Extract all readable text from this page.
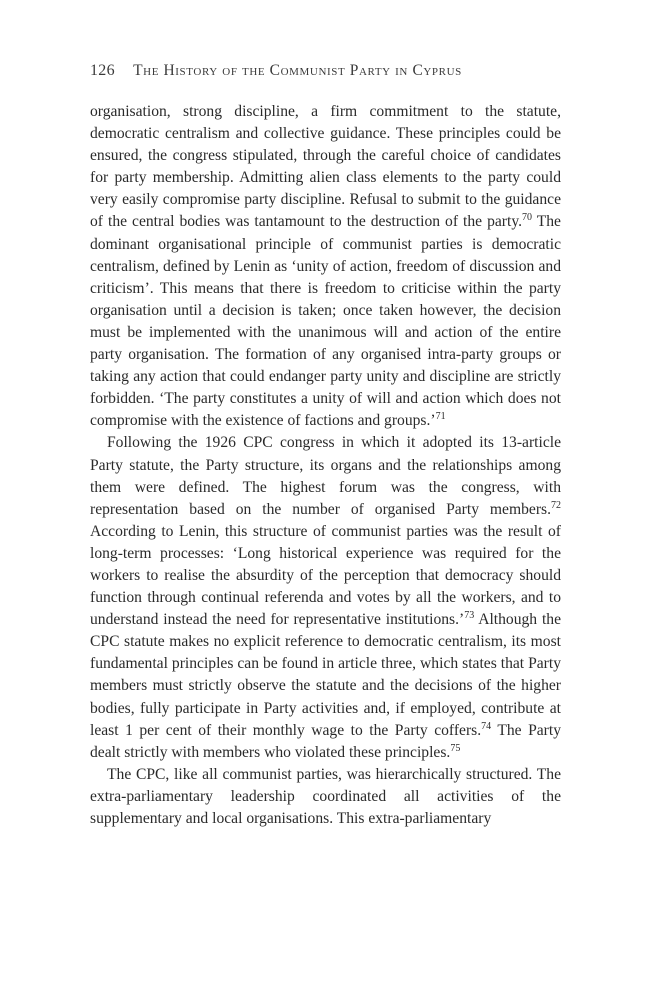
126 The History of the Communist Party in Cyprus

organisation, strong discipline, a firm commitment to the statute, democratic centralism and collective guidance. These principles could be ensured, the congress stipulated, through the careful choice of candidates for party membership. Admitting alien class elements to the party could very easily compromise party discipline. Refusal to submit to the guidance of the central bodies was tantamount to the destruction of the party.$^{70}$ The dominant organisational principle of communist parties is democratic centralism, defined by Lenin as ‘unity of action, freedom of discussion and criticism’. This means that there is freedom to criticise within the party organisation until a decision is taken; once taken however, the decision must be implemented with the unanimous will and action of the entire party organisation. The formation of any organised intra-party groups or taking any action that could endanger party unity and discipline are strictly forbidden. ‘The party constitutes a unity of will and action which does not compromise with the existence of factions and groups.’$^{71}$

Following the 1926 CPC congress in which it adopted its 13-article Party statute, the Party structure, its organs and the relationships among them were defined. The highest forum was the congress, with representation based on the number of organised Party members.$^{72}$ According to Lenin, this structure of communist parties was the result of long-term processes: ‘Long historical experience was required for the workers to realise the absurdity of the perception that democracy should function through continual referenda and votes by all the workers, and to understand instead the need for representative institutions.’$^{73}$ Although the CPC statute makes no explicit reference to democratic centralism, its most fundamental principles can be found in article three, which states that Party members must strictly observe the statute and the decisions of the higher bodies, fully participate in Party activities and, if employed, contribute at least 1 per cent of their monthly wage to the Party coffers.$^{74}$ The Party dealt strictly with members who violated these principles.$^{75}$

The CPC, like all communist parties, was hierarchically structured. The extra-parliamentary leadership coordinated all activities of the supplementary and local organisations. This extra-parliamentary
